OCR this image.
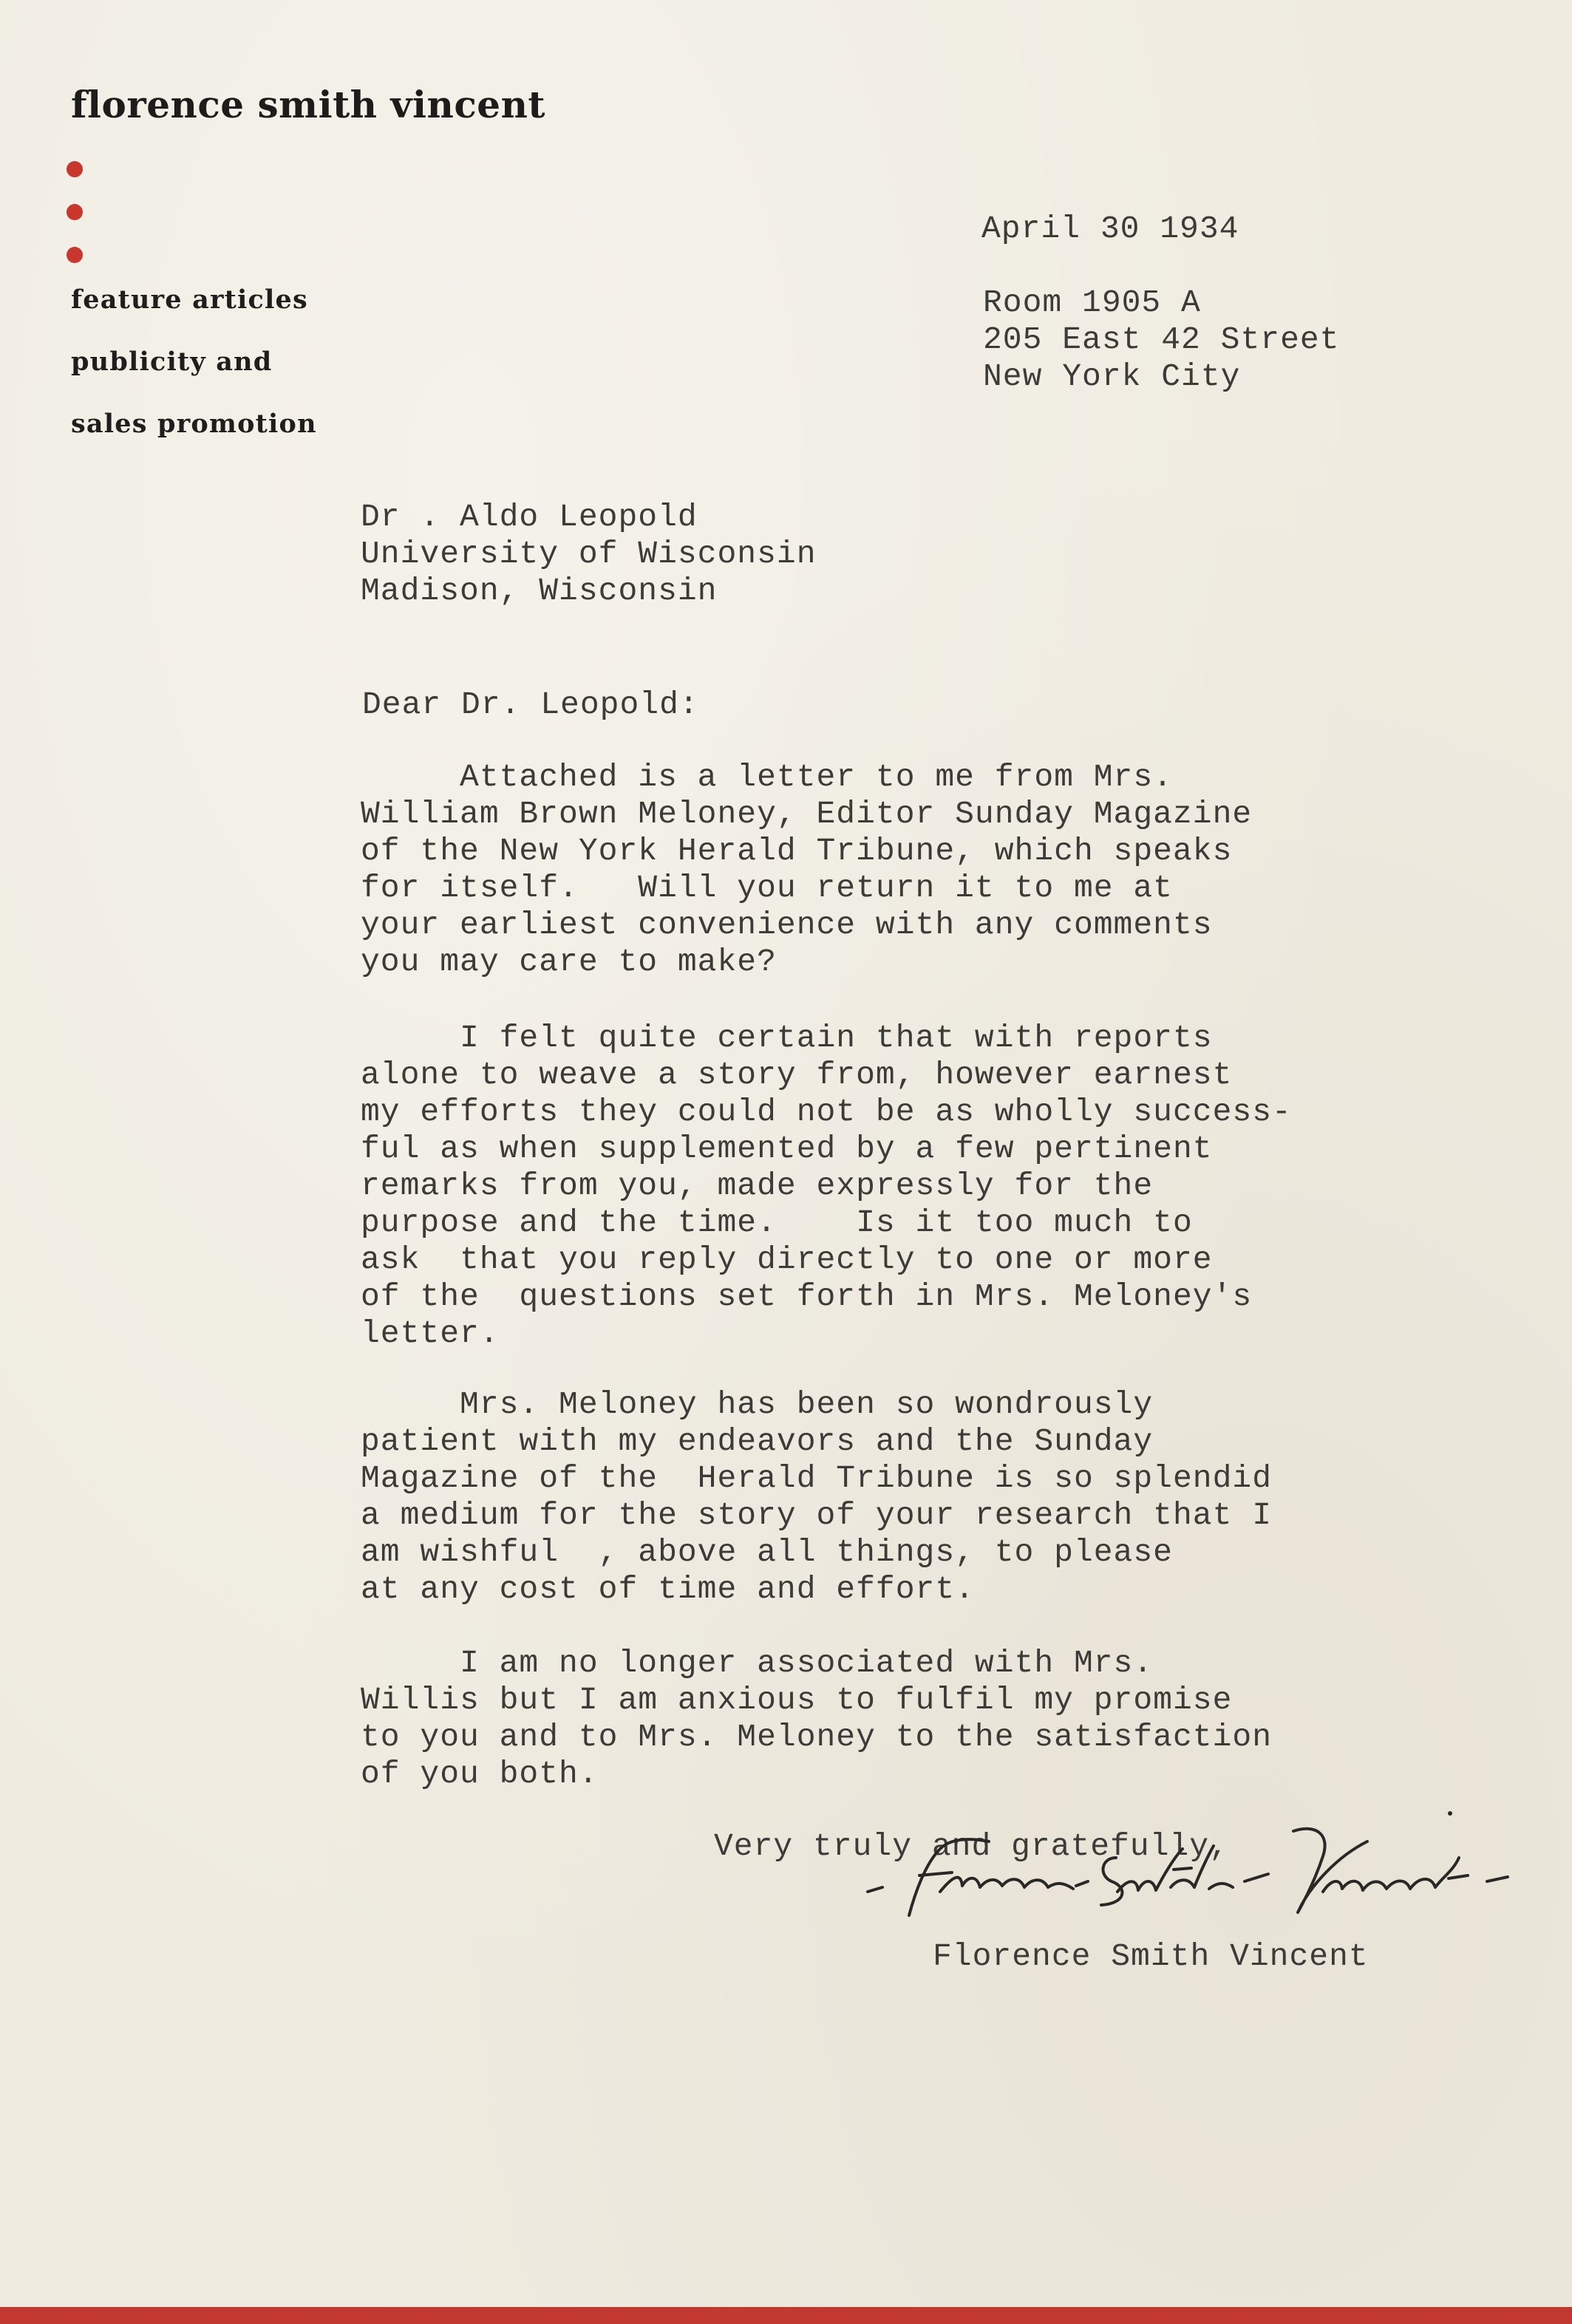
florence smith vincent
feature articles
publicity and
sales promotion
April 30 1934
Room 1905 A
205 East 42 Street
New York City
Dr . Aldo Leopold
University of Wisconsin
Madison, Wisconsin
Dear Dr. Leopold:
Attached is a letter to me from Mrs.
William Brown Meloney, Editor Sunday Magazine
of the New York Herald Tribune, which speaks
for itself.   Will you return it to me at
your earliest convenience with any comments
you may care to make?
I felt quite certain that with reports
alone to weave a story from, however earnest
my efforts they could not be as wholly success-
ful as when supplemented by a few pertinent
remarks from you, made expressly for the
purpose and the time.    Is it too much to
ask  that you reply directly to one or more
of the  questions set forth in Mrs. Meloney's
letter.
Mrs. Meloney has been so wondrously
patient with my endeavors and the Sunday
Magazine of the  Herald Tribune is so splendid
a medium for the story of your research that I
am wishful  , above all things, to please
at any cost of time and effort.
I am no longer associated with Mrs.
Willis but I am anxious to fulfil my promise
to you and to Mrs. Meloney to the satisfaction
of you both.
Very truly and gratefully,
Florence Smith Vincent
